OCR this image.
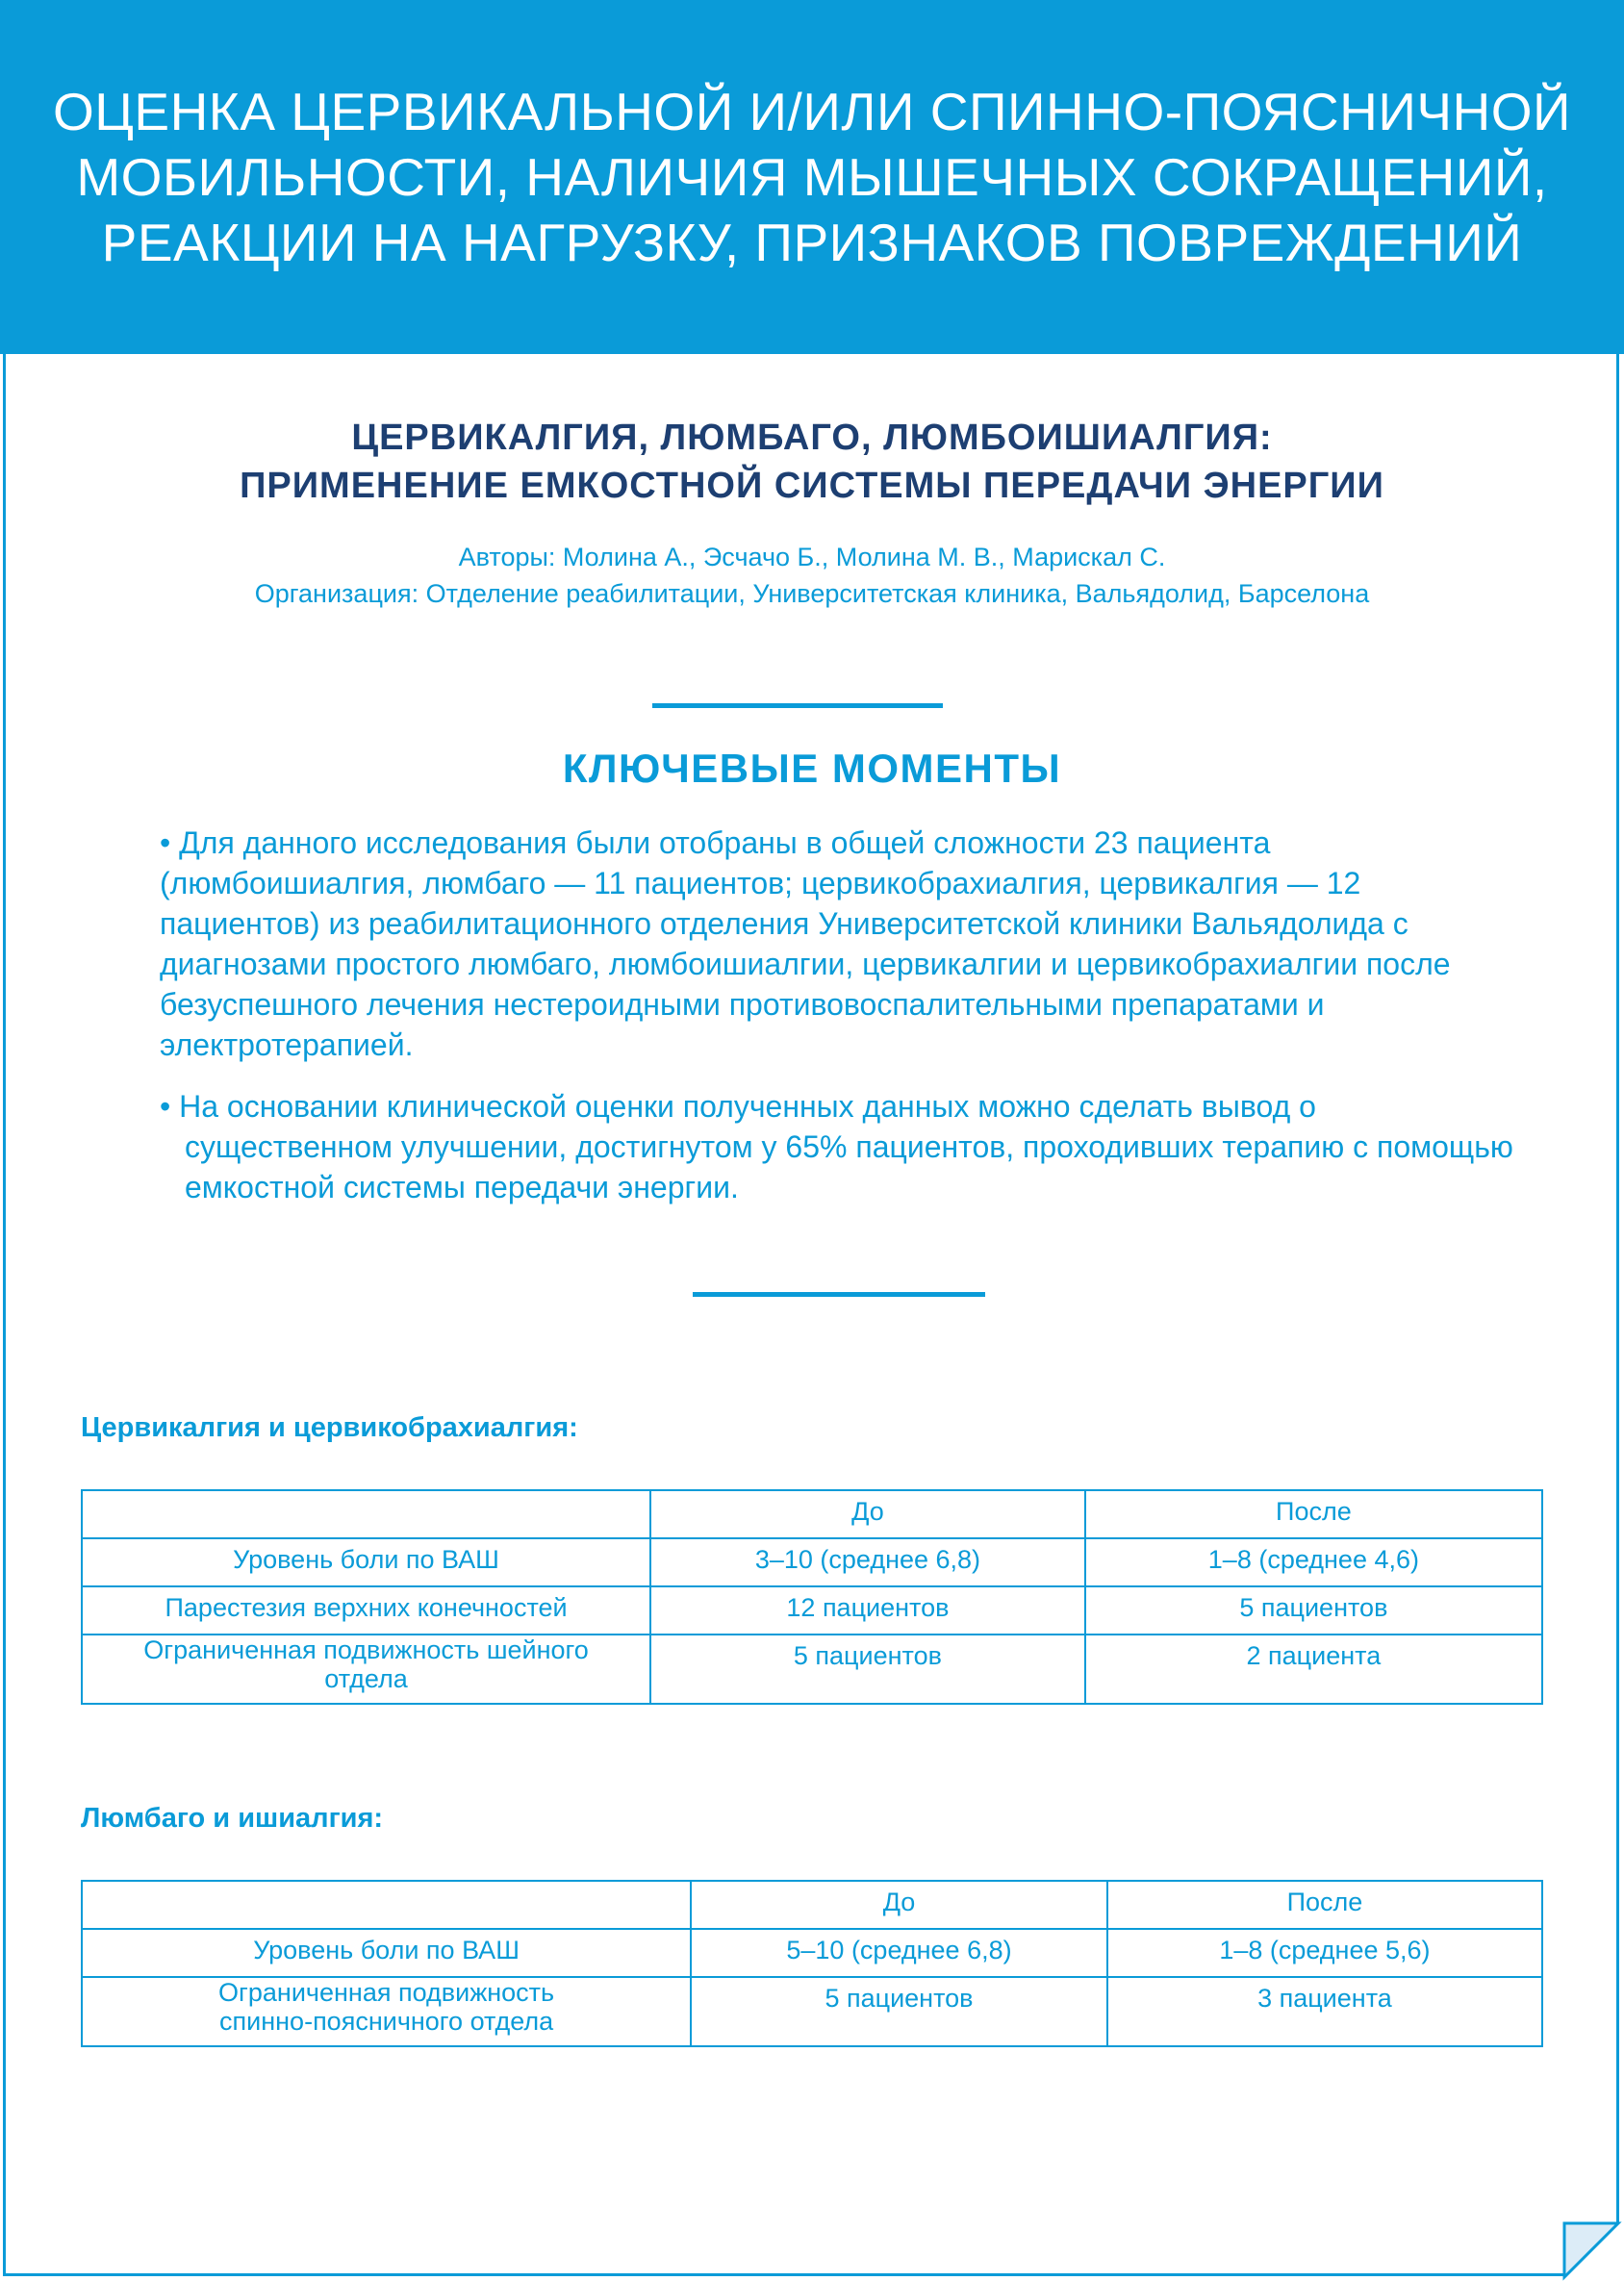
ОЦЕНКА ЦЕРВИКАЛЬНОЙ И/ИЛИ СПИННО-ПОЯСНИЧНОЙ
МОБИЛЬНОСТИ, НАЛИЧИЯ МЫШЕЧНЫХ СОКРАЩЕНИЙ,
РЕАКЦИИ НА НАГРУЗКУ, ПРИЗНАКОВ ПОВРЕЖДЕНИЙ
ЦЕРВИКАЛГИЯ, ЛЮМБАГО, ЛЮМБОИШИАЛГИЯ:
ПРИМЕНЕНИЕ ЕМКОСТНОЙ СИСТЕМЫ ПЕРЕДАЧИ ЭНЕРГИИ
Авторы: Молина А., Эсчачо Б., Молина М. В., Марискал С.
Организация: Отделение реабилитации, Университетская клиника, Вальядолид, Барселона
КЛЮЧЕВЫЕ МОМЕНТЫ

• Для данного исследования были отобраны в общей сложности 23 пациента (люмбоишиалгия, люмбаго — 11 пациентов; цервикобрахиалгия, цервикалгия — 12 пациентов) из реабилитационного отделения Университетской клиники Вальядолида с диагнозами простого люмбаго, люмбоишиалгии, цервикалгии и цервикобрахиалгии после безуспешного лечения нестероидными противовоспалительными препаратами и электротерапией.

• На основании клинической оценки полученных данных можно сделать вывод о существенном улучшении, достигнутом у 65% пациентов, проходивших терапию с помощью емкостной системы передачи энергии.

Цервикалгия и цервикобрахиалгия:
	До	После
Уровень боли по ВАШ	3–10 (среднее 6,8)	1–8 (среднее 4,6)
Парестезия верхних конечностей	12 пациентов	5 пациентов
Ограниченная подвижность шейного отдела	5 пациентов	2 пациента
Люмбаго и ишиалгия:
	До	После
Уровень боли по ВАШ	5–10 (среднее 6,8)	1–8 (среднее 5,6)
Ограниченная подвижность спинно-поясничного отдела	5 пациентов	3 пациента
